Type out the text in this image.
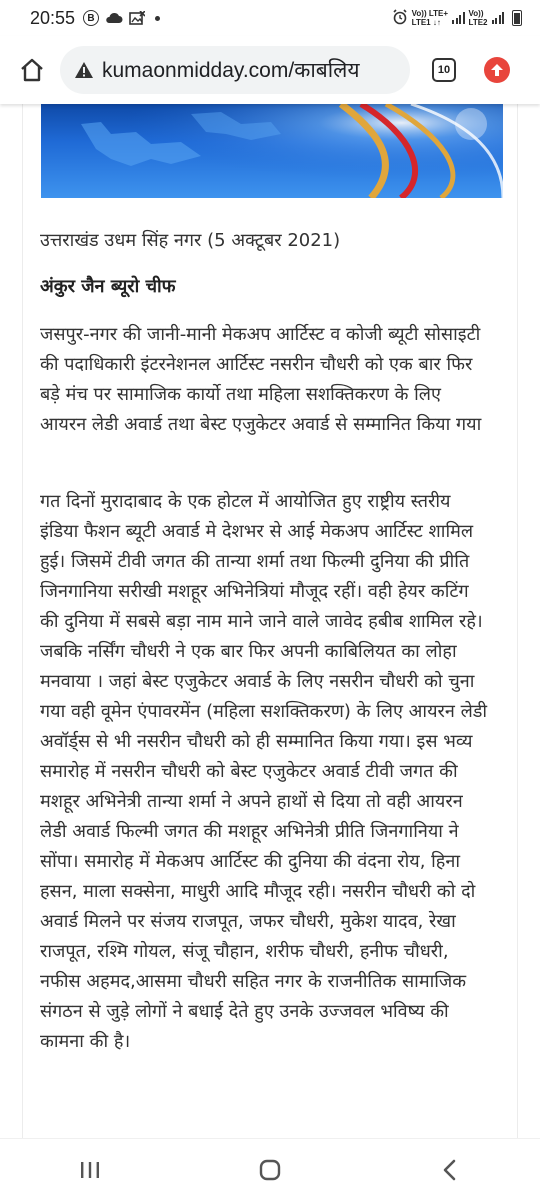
20:55	B	Vo)) LTE+
LTE1 ↓↑
Vo))
LTE2
kumaonmidday.com/काबलिय	10

उत्तराखंड उधम सिंह नगर (5 अक्टूबर 2021)

अंकुर जैन ब्यूरो चीफ

जसपुर-नगर की जानी-मानी मेकअप आर्टिस्ट व कोजी ब्यूटी सोसाइटी की पदाधिकारी इंटरनेशनल आर्टिस्ट नसरीन चौधरी को एक बार फिर बड़े मंच पर सामाजिक कार्यो तथा महिला सशक्तिकरण के लिए आयरन लेडी अवार्ड तथा बेस्ट एजुकेटर अवार्ड से सम्मानित किया गया

गत दिनों मुरादाबाद के एक होटल में आयोजित हुए राष्ट्रीय स्तरीय इंडिया फैशन ब्यूटी अवार्ड मे देशभर से आई मेकअप आर्टिस्ट शामिल हुई। जिसमें टीवी जगत की तान्या शर्मा तथा फिल्मी दुनिया की प्रीति जिनगानिया सरीखी मशहूर अभिनेत्रियां मौजूद रहीं। वही हेयर कटिंग की दुनिया में सबसे बड़ा नाम माने जाने वाले जावेद हबीब शामिल रहे। जबकि नर्सिंग चौधरी ने एक बार फिर अपनी काबिलियत का लोहा मनवाया । जहां बेस्ट एजुकेटर अवार्ड के लिए नसरीन चौधरी को चुना गया वही वूमेन एंपावरमेंन (महिला सशक्तिकरण) के लिए आयरन लेडी अवॉर्ड्स से भी नसरीन चौधरी को ही सम्मानित किया गया। इस भव्य समारोह में नसरीन चौधरी को बेस्ट एजुकेटर अवार्ड टीवी जगत की मशहूर अभिनेत्री तान्या शर्मा ने अपने हाथों से दिया तो वही आयरन लेडी अवार्ड फिल्मी जगत की मशहूर अभिनेत्री प्रीति जिनगानिया ने सोंपा। समारोह में मेकअप आर्टिस्ट की दुनिया की वंदना रोय, हिना हसन, माला सक्सेना, माधुरी आदि मौजूद रही। नसरीन चौधरी को दो अवार्ड मिलने पर संजय राजपूत, जफर चौधरी, मुकेश यादव, रेखा राजपूत, रश्मि गोयल, संजू चौहान, शरीफ चौधरी, हनीफ चौधरी, नफीस अहमद,आसमा चौधरी सहित नगर के राजनीतिक सामाजिक संगठन से जुड़े लोगों ने बधाई देते हुए उनके उज्जवल भविष्य की कामना की है।
